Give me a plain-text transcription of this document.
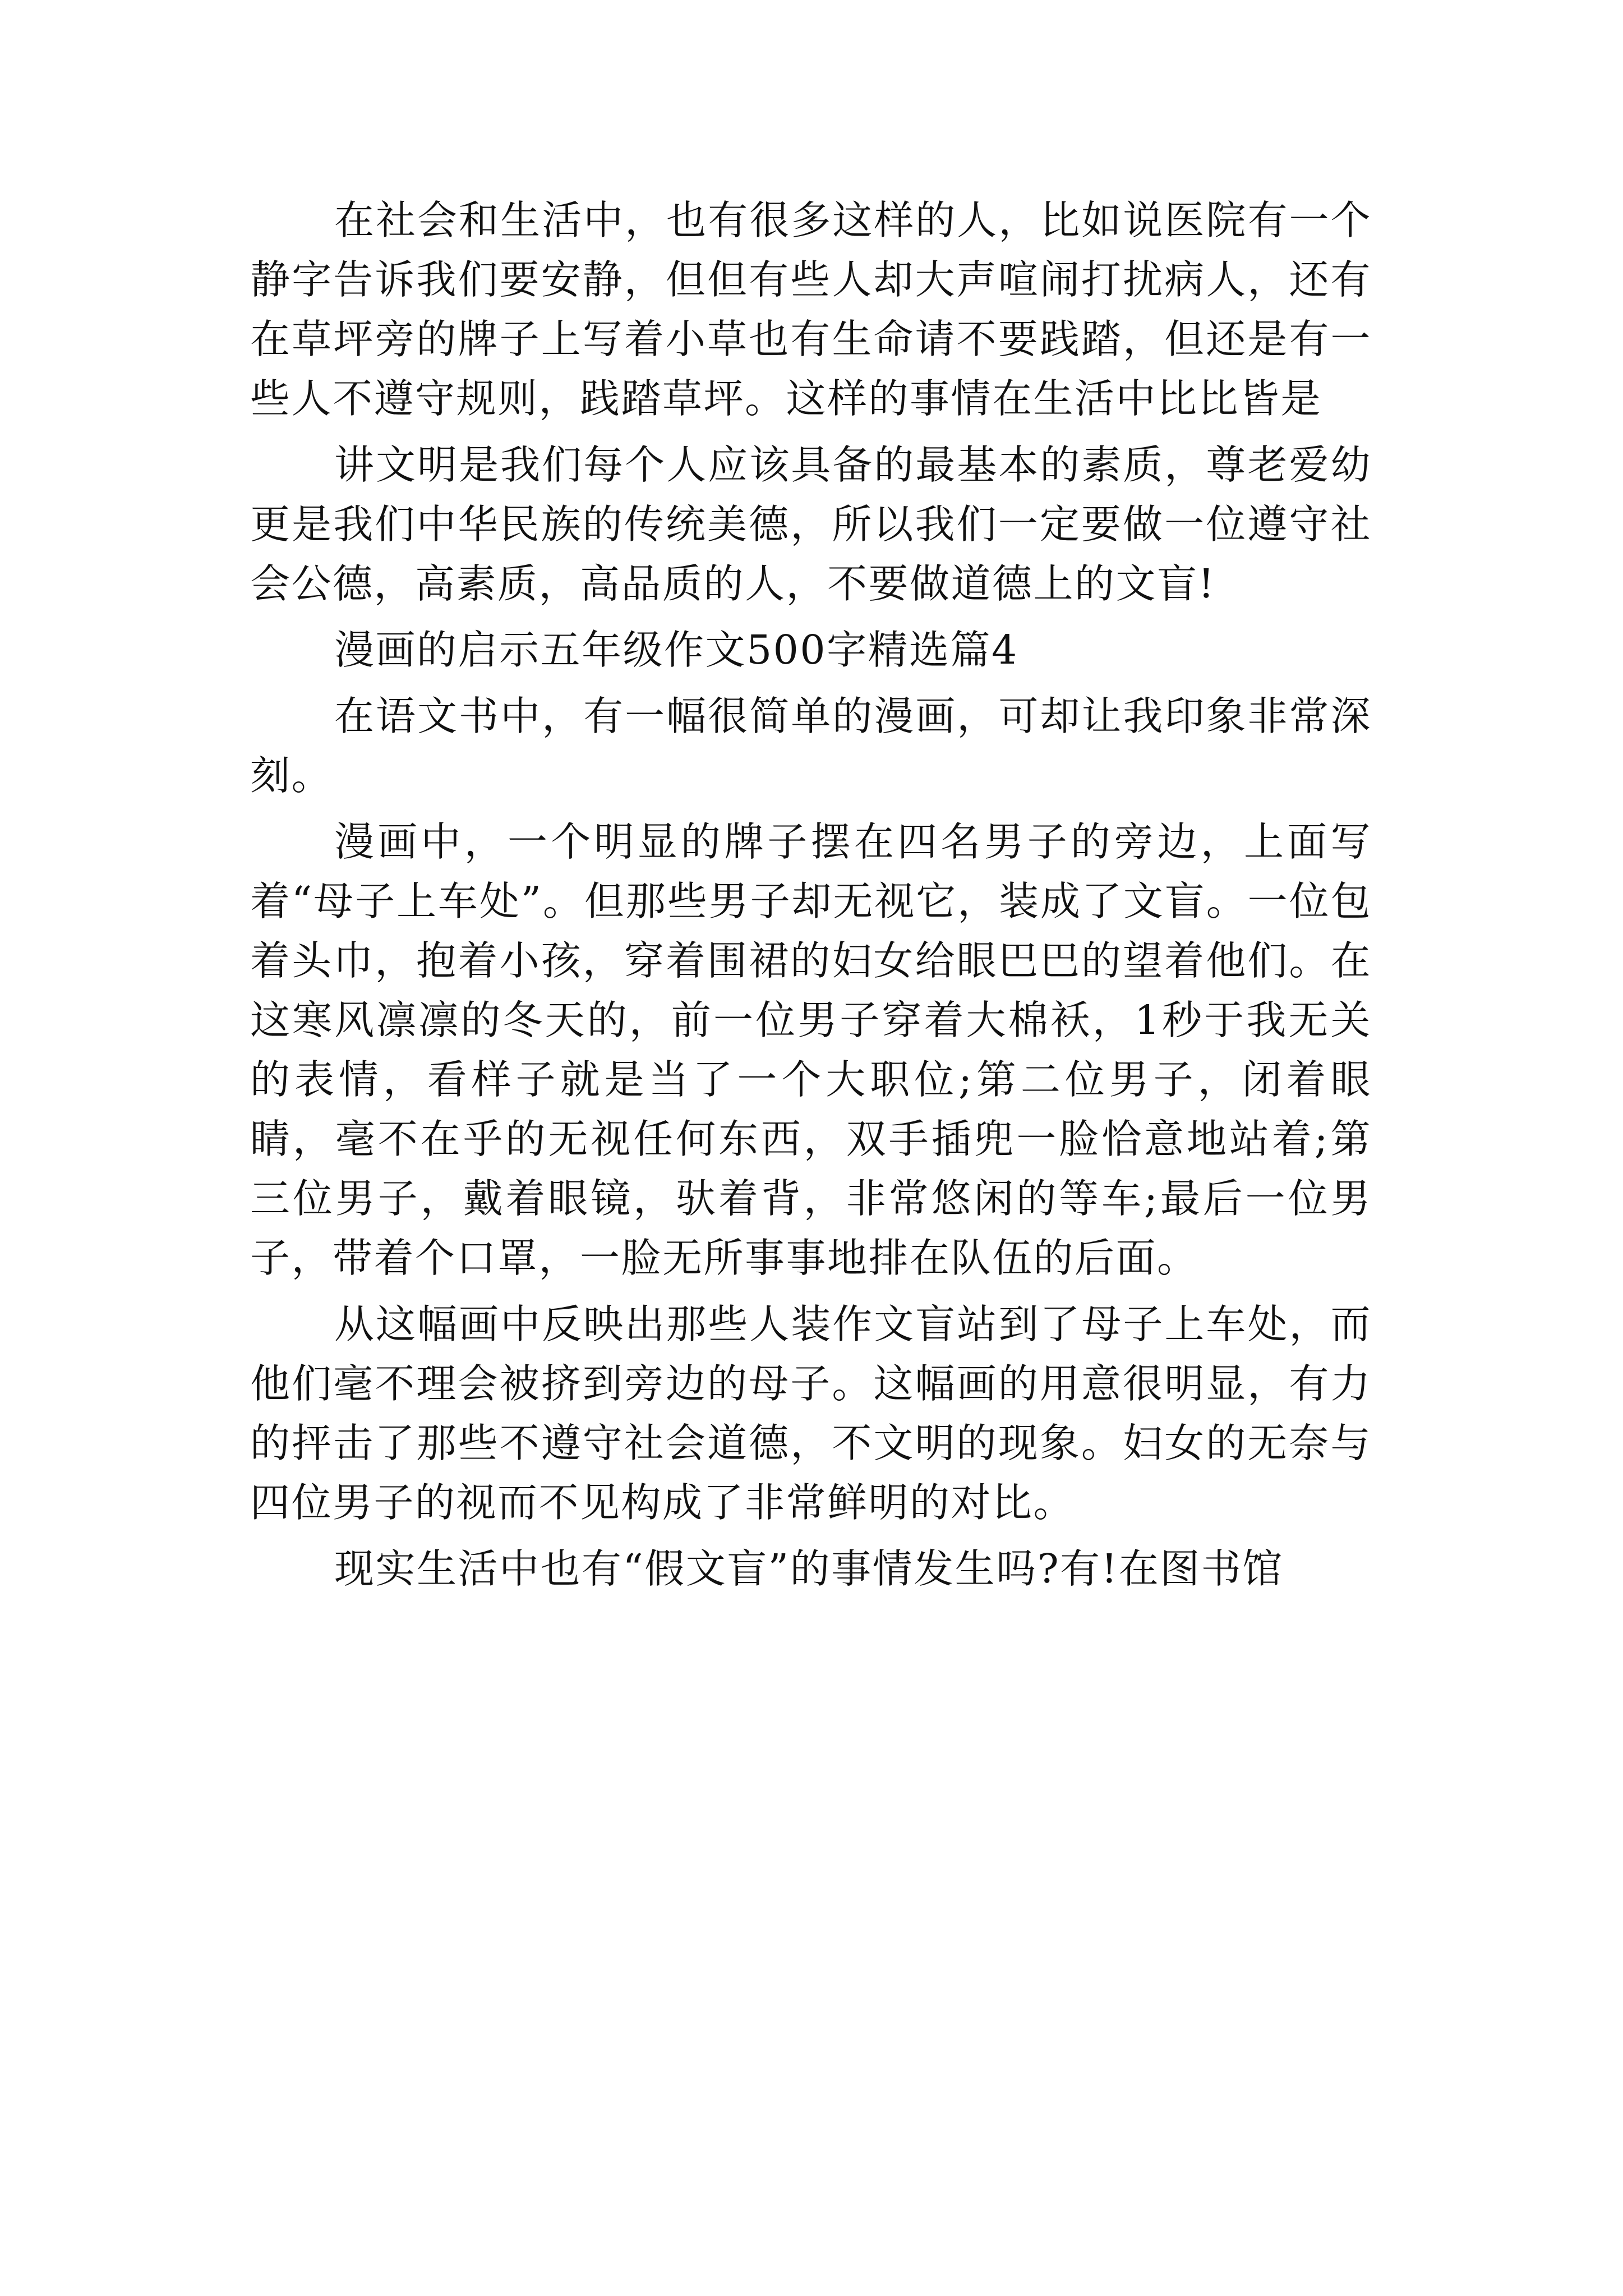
在社会和生活中，也有很多这样的人，比如说医院有一个静字告诉我们要安静，但但有些人却大声喧闹打扰病人，还有在草坪旁的牌子上写着小草也有生命请不要践踏，但还是有一些人不遵守规则，践踏草坪。这样的事情在生活中比比皆是

讲文明是我们每个人应该具备的最基本的素质，尊老爱幼更是我们中华民族的传统美德，所以我们一定要做一位遵守社会公德，高素质，高品质的人，不要做道德上的文盲!

漫画的启示五年级作文500字精选篇4

在语文书中，有一幅很简单的漫画，可却让我印象非常深刻。

漫画中，一个明显的牌子摆在四名男子的旁边，上面写着“母子上车处”。但那些男子却无视它，装成了文盲。一位包着头巾，抱着小孩，穿着围裙的妇女给眼巴巴的望着他们。在这寒风凛凛的冬天的，前一位男子穿着大棉袄，1秒于我无关的表情，看样子就是当了一个大职位;第二位男子，闭着眼睛，毫不在乎的无视任何东西，双手插兜一脸恰意地站着;第三位男子，戴着眼镜，驮着背，非常悠闲的等车;最后一位男子，带着个口罩，一脸无所事事地排在队伍的后面。

从这幅画中反映出那些人装作文盲站到了母子上车处，而他们毫不理会被挤到旁边的母子。这幅画的用意很明显，有力的抨击了那些不遵守社会道德，不文明的现象。妇女的无奈与四位男子的视而不见构成了非常鲜明的对比。

现实生活中也有“假文盲”的事情发生吗?有!在图书馆
